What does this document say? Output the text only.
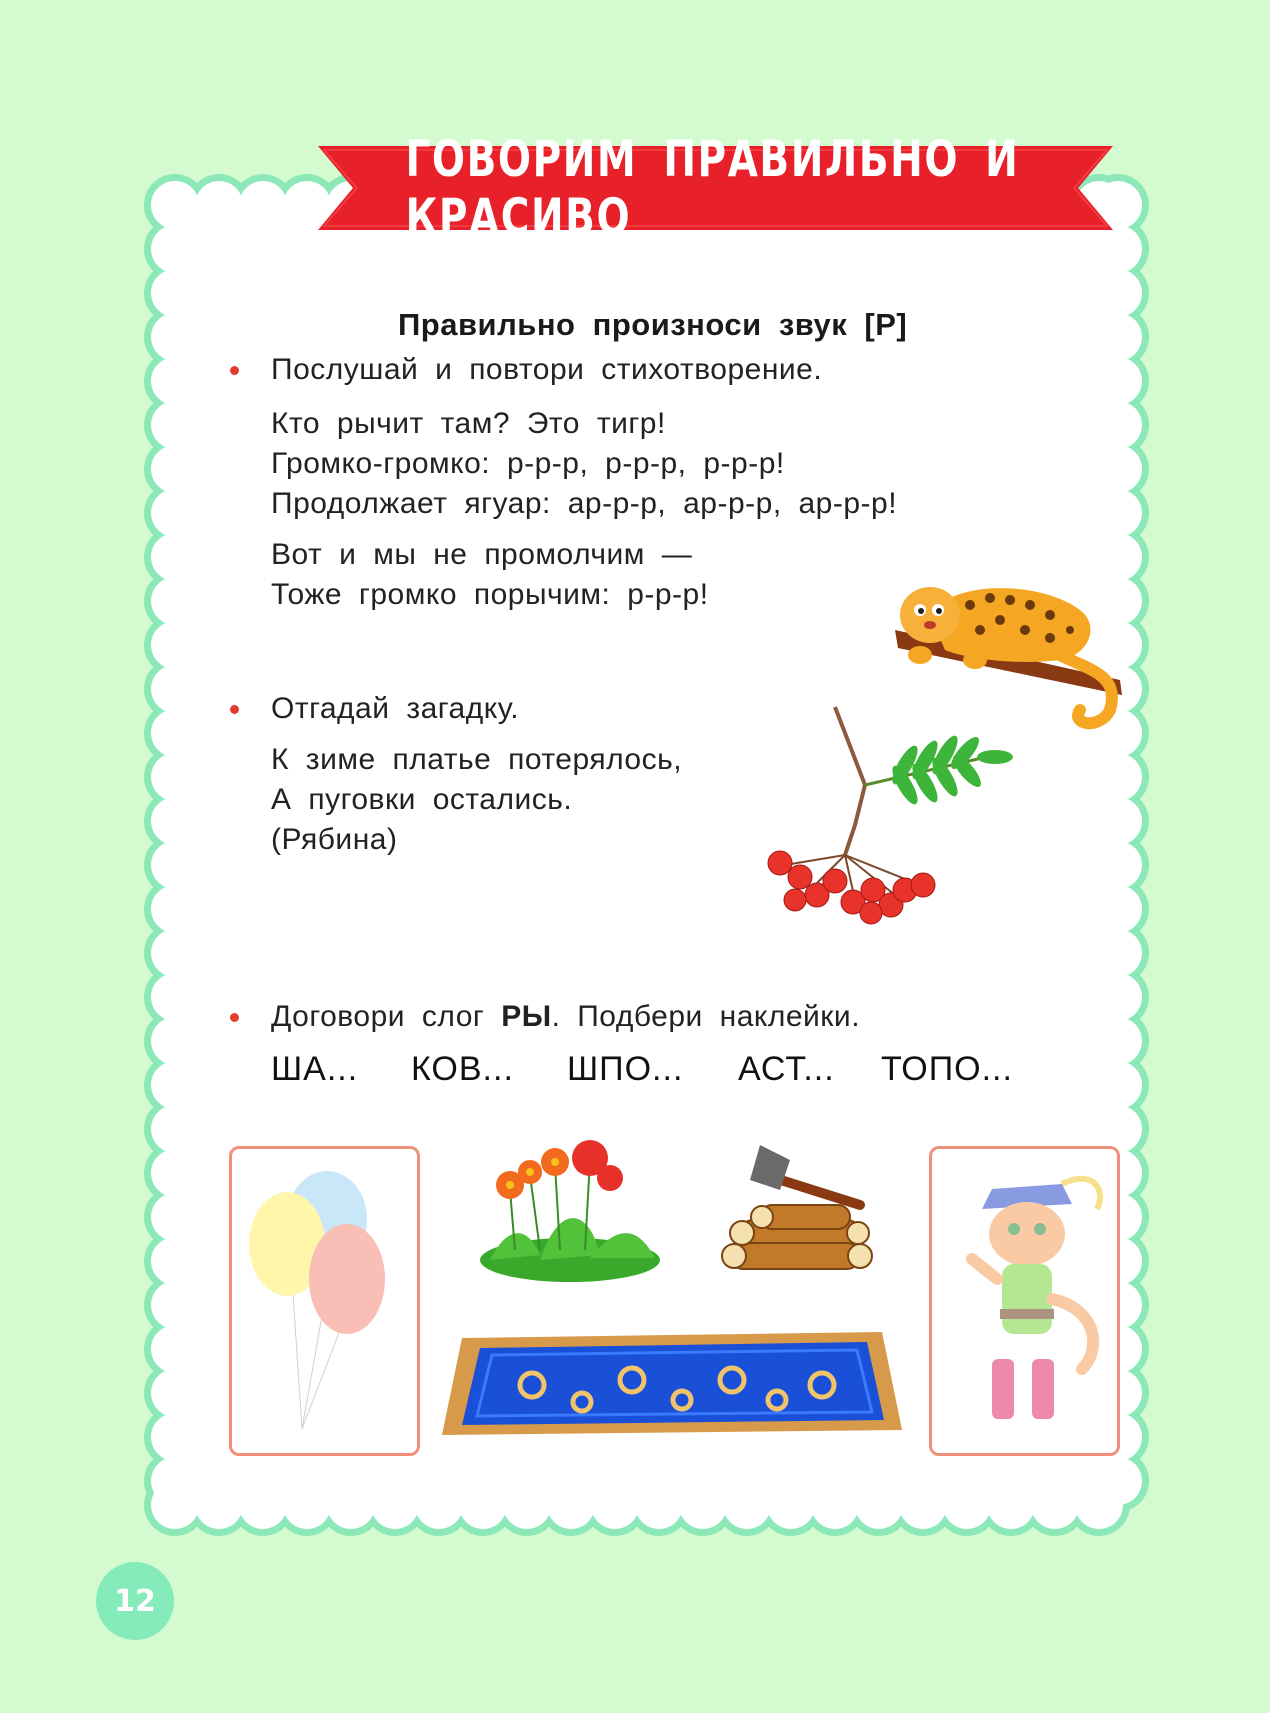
ГОВОРИМ ПРАВИЛЬНО И КРАСИВО
Правильно произноси звук [Р]
Послушай и повтори стихотворение.
Кто рычит там? Это тигр!
Громко-громко: р-р-р, р-р-р, р-р-р!
Продолжает ягуар: ар-р-р, ар-р-р, ар-р-р!
Вот и мы не промолчим —
Тоже громко порычим: р-р-р!
Отгадай загадку.
К зиме платье потерялось,
А пуговки остались.
(Рябина)
Договори слог РЫ. Подбери наклейки.
ША... КОВ... ШПО... АСТ... ТОПО...
12
